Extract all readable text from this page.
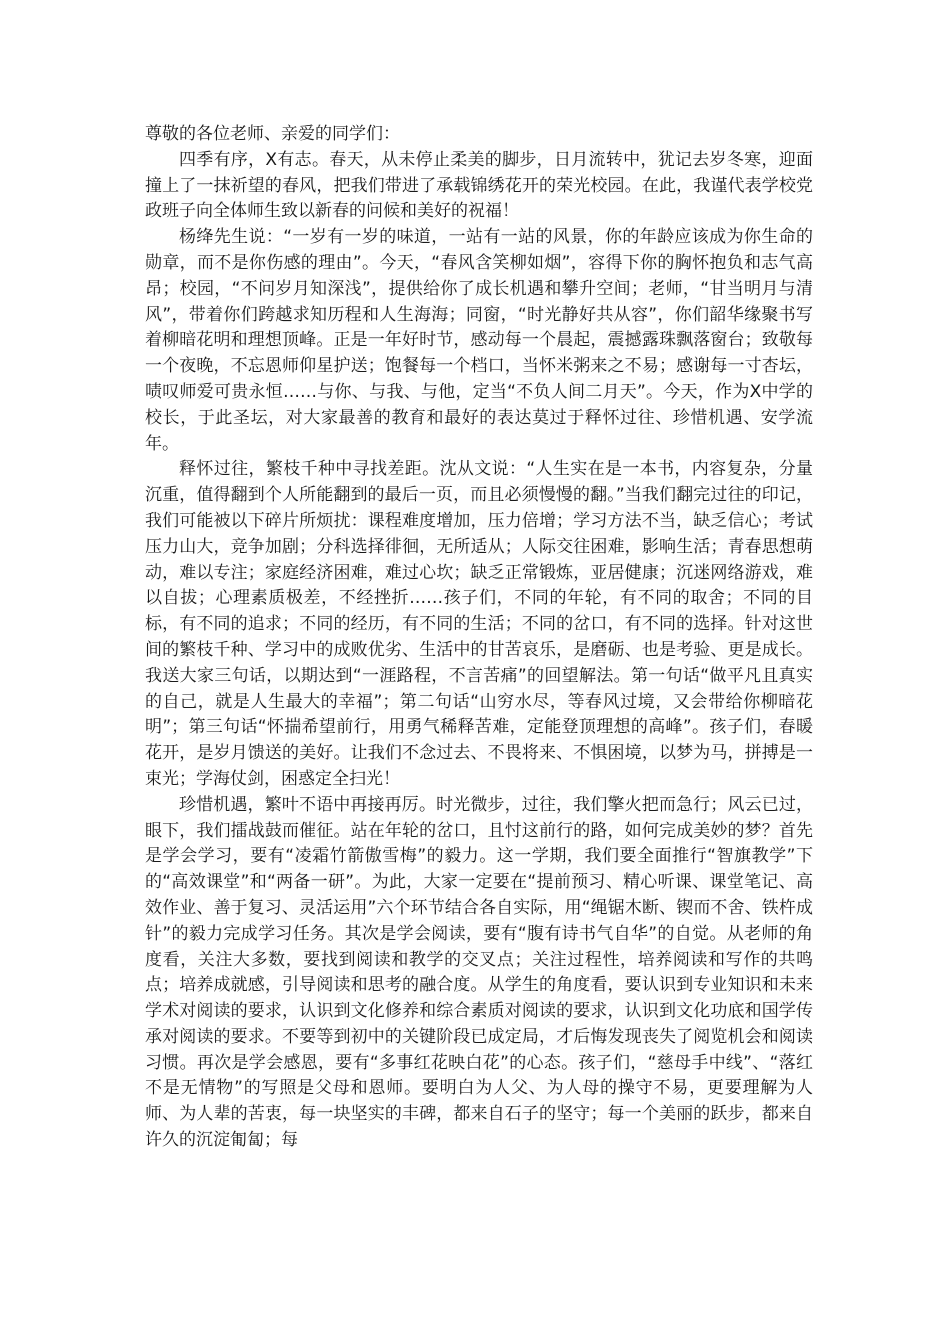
尊敬的各位老师、亲爱的同学们：

四季有序，X有志。春天，从未停止柔美的脚步，日月流转中，犹记去岁冬寒，迎面撞上了一抹祈望的春风，把我们带进了承载锦绣花开的荣光校园。在此，我谨代表学校党政班子向全体师生致以新春的问候和美好的祝福！

杨绛先生说：“一岁有一岁的味道，一站有一站的风景，你的年龄应该成为你生命的勋章，而不是你伤感的理由”。今天，“春风含笑柳如烟”，容得下你的胸怀抱负和志气高昂；校园，“不问岁月知深浅”，提供给你了成长机遇和攀升空间；老师，“甘当明月与清风”，带着你们跨越求知历程和人生海海；同窗，“时光静好共从容”，你们韶华缘聚书写着柳暗花明和理想顶峰。正是一年好时节，感动每一个晨起，震撼露珠飘落窗台；致敬每一个夜晚，不忘恩师仰星护送；饱餐每一个档口，当怀米粥来之不易；感谢每一寸杏坛，啧叹师爱可贵永恒……与你、与我、与他，定当“不负人间二月天”。今天，作为X中学的校长，于此圣坛，对大家最善的教育和最好的表达莫过于释怀过往、珍惜机遇、安学流年。

释怀过往，繁枝千种中寻找差距。沈从文说：“人生实在是一本书，内容复杂，分量沉重，值得翻到个人所能翻到的最后一页，而且必须慢慢的翻。”当我们翻完过往的印记，我们可能被以下碎片所烦扰：课程难度增加，压力倍增；学习方法不当，缺乏信心；考试压力山大，竞争加剧；分科选择徘徊，无所适从；人际交往困难，影响生活；青春思想萌动，难以专注；家庭经济困难，难过心坎；缺乏正常锻炼，亚居健康；沉迷网络游戏，难以自拔；心理素质极差，不经挫折……孩子们，不同的年轮，有不同的取舍；不同的目标，有不同的追求；不同的经历，有不同的生活；不同的岔口，有不同的选择。针对这世间的繁枝千种、学习中的成败优劣、生活中的甘苦哀乐，是磨砺、也是考验、更是成长。我送大家三句话，以期达到“一涯路程，不言苦痛”的回望解法。第一句话“做平凡且真实的自己，就是人生最大的幸福”；第二句话“山穷水尽，等春风过境，又会带给你柳暗花明”；第三句话“怀揣希望前行，用勇气稀释苦难，定能登顶理想的高峰”。孩子们，春暖花开，是岁月馈送的美好。让我们不念过去、不畏将来、不惧困境，以梦为马，拼搏是一束光；学海仗剑，困惑定全扫光！

珍惜机遇，繁叶不语中再接再厉。时光微步，过往，我们擎火把而急行；风云已过，眼下，我们擂战鼓而催征。站在年轮的岔口，且忖这前行的路，如何完成美妙的梦？首先是学会学习，要有“凌霜竹箭傲雪梅”的毅力。这一学期，我们要全面推行“智旗教学”下的“高效课堂”和“两备一研”。为此，大家一定要在“提前预习、精心听课、课堂笔记、高效作业、善于复习、灵活运用”六个环节结合各自实际，用“绳锯木断、锲而不舍、铁杵成针”的毅力完成学习任务。其次是学会阅读，要有“腹有诗书气自华”的自觉。从老师的角度看，关注大多数，要找到阅读和教学的交叉点；关注过程性，培养阅读和写作的共鸣点；培养成就感，引导阅读和思考的融合度。从学生的角度看，要认识到专业知识和未来学术对阅读的要求，认识到文化修养和综合素质对阅读的要求，认识到文化功底和国学传承对阅读的要求。不要等到初中的关键阶段已成定局，才后悔发现丧失了阅览机会和阅读习惯。再次是学会感恩，要有“多事红花映白花”的心态。孩子们，“慈母手中线”、“落红不是无情物”的写照是父母和恩师。要明白为人父、为人母的操守不易，更要理解为人师、为人辈的苦衷，每一块坚实的丰碑，都来自石子的坚守；每一个美丽的跃步，都来自许久的沉淀匍匐；每
